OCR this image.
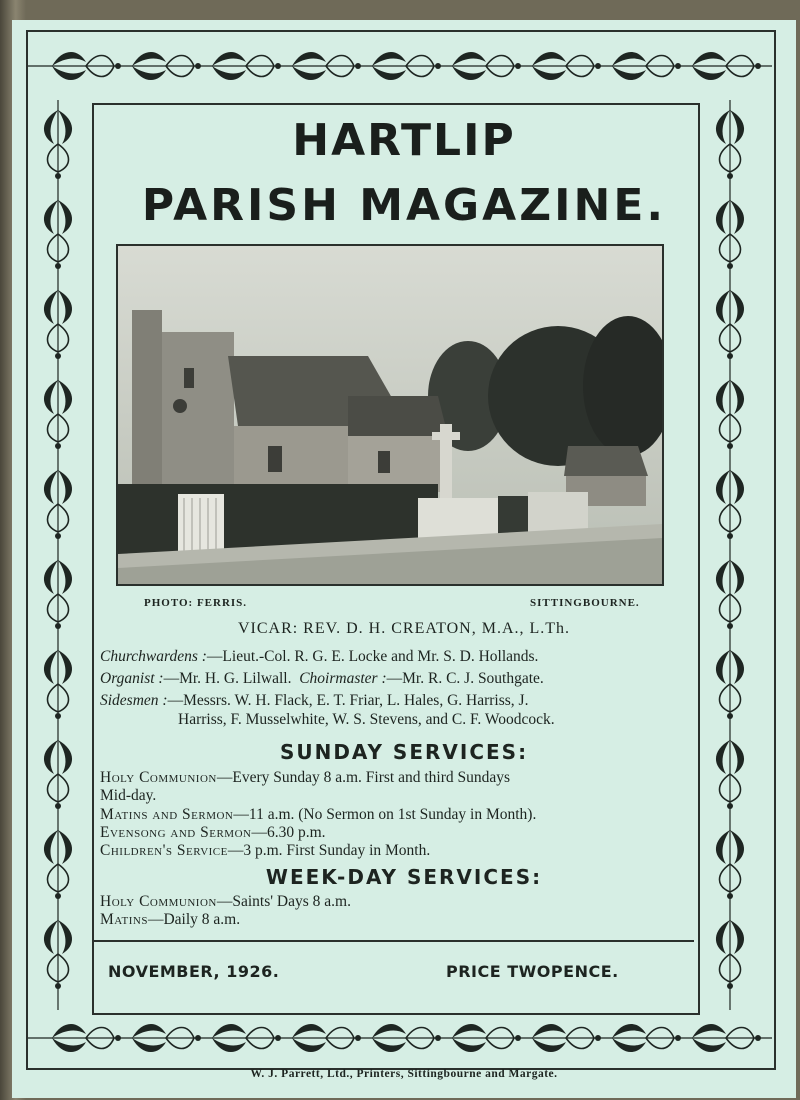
HARTLIP
PARISH MAGAZINE.
PHOTO: FERRIS.	SITTINGBOURNE.
VICAR: REV. D. H. CREATON, M.A., L.Th.
Churchwardens :—Lieut.-Col. R. G. E. Locke and Mr. S. D. Hollands.
Organist :—Mr. H. G. Lilwall. Choirmaster :—Mr. R. C. J. Southgate.
Sidesmen :—Messrs. W. H. Flack, E. T. Friar, L. Hales, G. Harriss, J.
Harriss, F. Musselwhite, W. S. Stevens, and C. F. Woodcock.
SUNDAY SERVICES:
Holy Communion—Every Sunday 8 a.m. First and third Sundays
Mid-day.
Matins and Sermon—11 a.m. (No Sermon on 1st Sunday in Month).
Evensong and Sermon—6.30 p.m.
Children's Service—3 p.m. First Sunday in Month.
WEEK-DAY SERVICES:
Holy Communion—Saints' Days 8 a.m.
Matins—Daily 8 a.m.
NOVEMBER, 1926.	PRICE TWOPENCE.
W. J. Parrett, Ltd., Printers, Sittingbourne and Margate.
